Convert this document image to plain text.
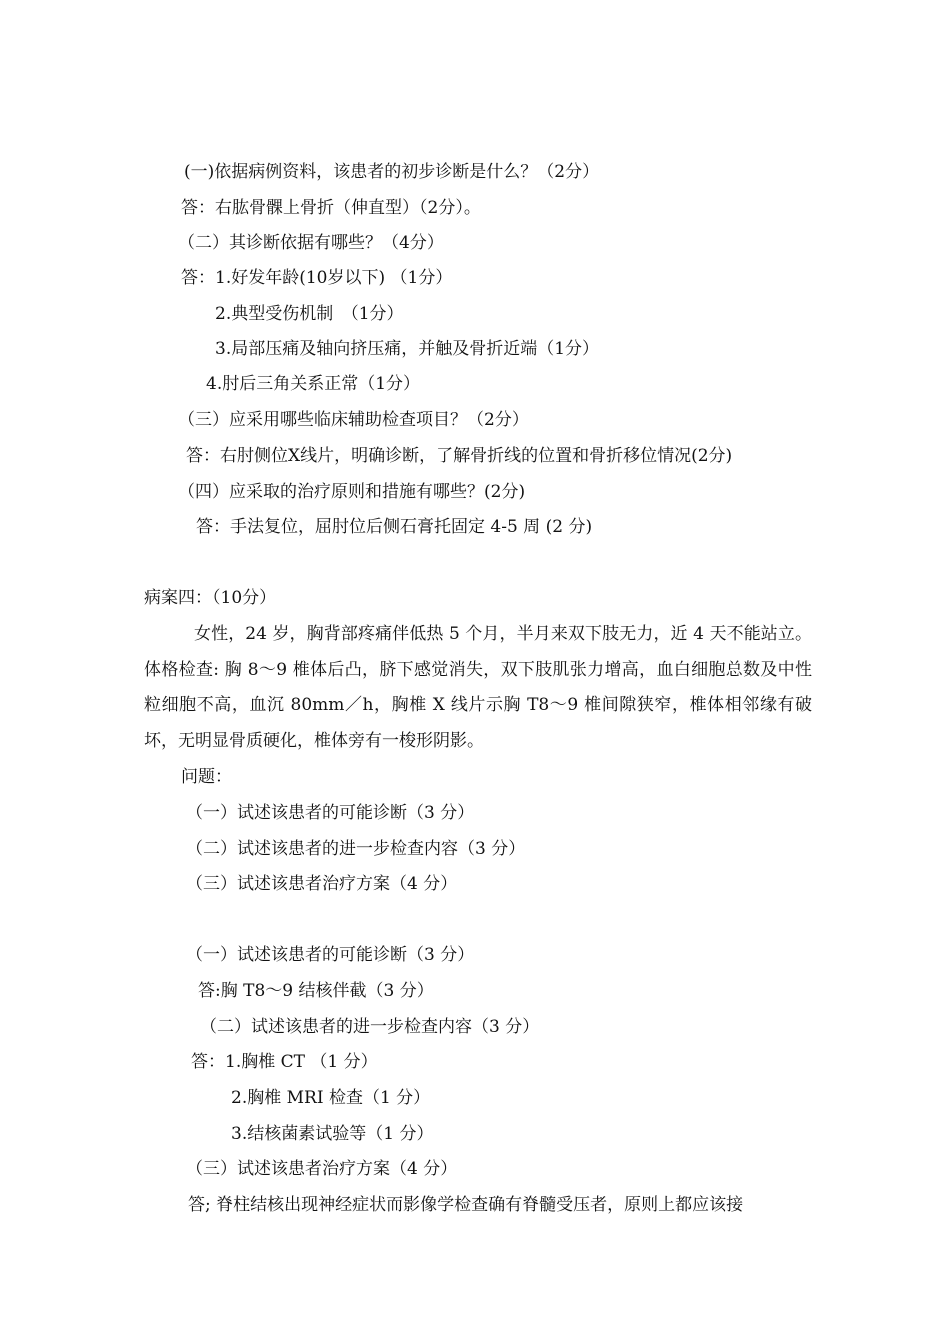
(一)依据病例资料，该患者的初步诊断是什么？（2分）
答：右肱骨髁上骨折（伸直型）（2分）。
（二）其诊断依据有哪些？（4分）
答：1.好发年龄(10岁以下) （1分）
2.典型受伤机制　（1分）
3.局部压痛及轴向挤压痛，并触及骨折近端（1分）
4.肘后三角关系正常（1分）
（三）应采用哪些临床辅助检查项目？（2分）
答：右肘侧位X线片，明确诊断，了解骨折线的位置和骨折移位情况(2分)
（四）应采取的治疗原则和措施有哪些？(2分)
答：手法复位，屈肘位后侧石膏托固定 4-5 周 (2 分)
病案四：（10分）
女性，24 岁，胸背部疼痛伴低热 5 个月，半月来双下肢无力，近 4 天不能站立。体格检查: 胸 8～9 椎体后凸，脐下感觉消失，双下肢肌张力增高，血白细胞总数及中性粒细胞不高，血沉 80mm／h，胸椎 X 线片示胸 T8～9 椎间隙狭窄，椎体相邻缘有破坏，无明显骨质硬化，椎体旁有一梭形阴影。
问题：
（一）试述该患者的可能诊断（3 分）
（二）试述该患者的进一步检查内容（3 分）
（三）试述该患者治疗方案（4 分）
（一）试述该患者的可能诊断（3 分）
答:胸 T8～9 结核伴截（3 分）
（二）试述该患者的进一步检查内容（3 分）
答：1.胸椎 CT （1 分）
2.胸椎 MRI 检查（1 分）
3.结核菌素试验等（1 分）
（三）试述该患者治疗方案（4 分）
答; 脊柱结核出现神经症状而影像学检查确有脊髓受压者，原则上都应该接
